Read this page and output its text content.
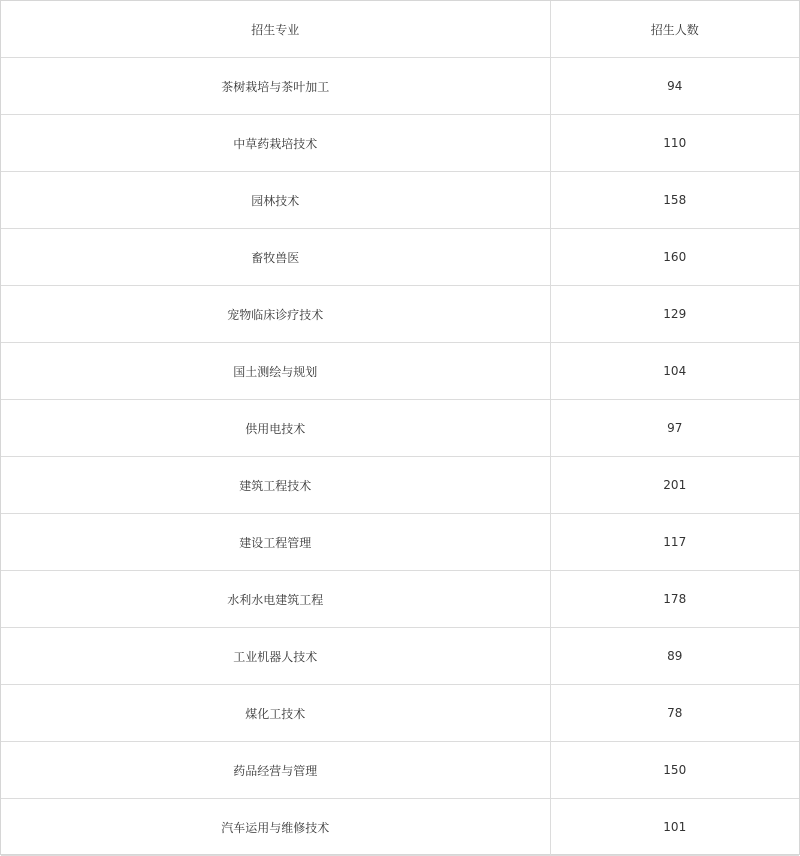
招生专业	招生人数
茶树栽培与茶叶加工	94
中草药栽培技术	110
园林技术	158
畜牧兽医	160
宠物临床诊疗技术	129
国土测绘与规划	104
供用电技术	97
建筑工程技术	201
建设工程管理	117
水利水电建筑工程	178
工业机器人技术	89
煤化工技术	78
药品经营与管理	150
汽车运用与维修技术	101
